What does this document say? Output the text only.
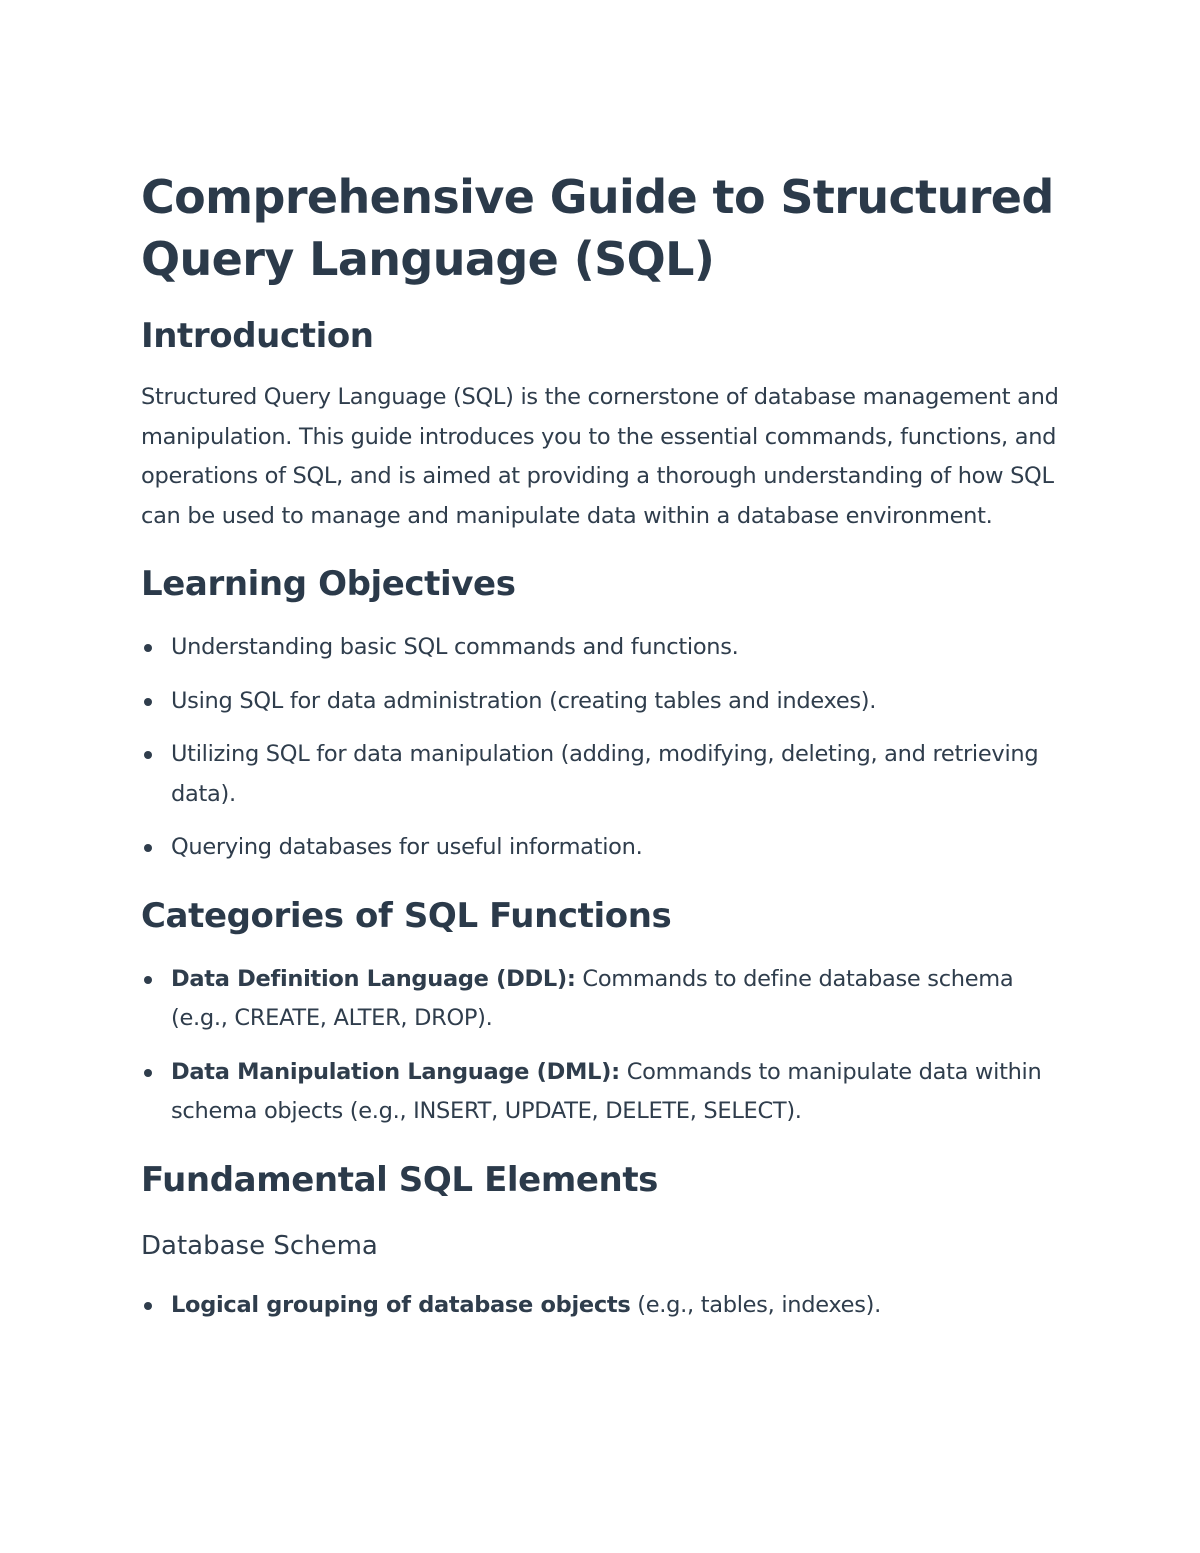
Comprehensive Guide to Structured Query Language (SQL)
Introduction

Structured Query Language (SQL) is the cornerstone of database management and manipulation. This guide introduces you to the essential commands, functions, and operations of SQL, and is aimed at providing a thorough understanding of how SQL can be used to manage and manipulate data within a database environment.

Learning Objectives
Understanding basic SQL commands and functions.
Using SQL for data administration (creating tables and indexes).
Utilizing SQL for data manipulation (adding, modifying, deleting, and retrieving data).
Querying databases for useful information.
Categories of SQL Functions
Data Definition Language (DDL): Commands to define database schema (e.g., CREATE, ALTER, DROP).
Data Manipulation Language (DML): Commands to manipulate data within schema objects (e.g., INSERT, UPDATE, DELETE, SELECT).
Fundamental SQL Elements
Database Schema
Logical grouping of database objects (e.g., tables, indexes).
